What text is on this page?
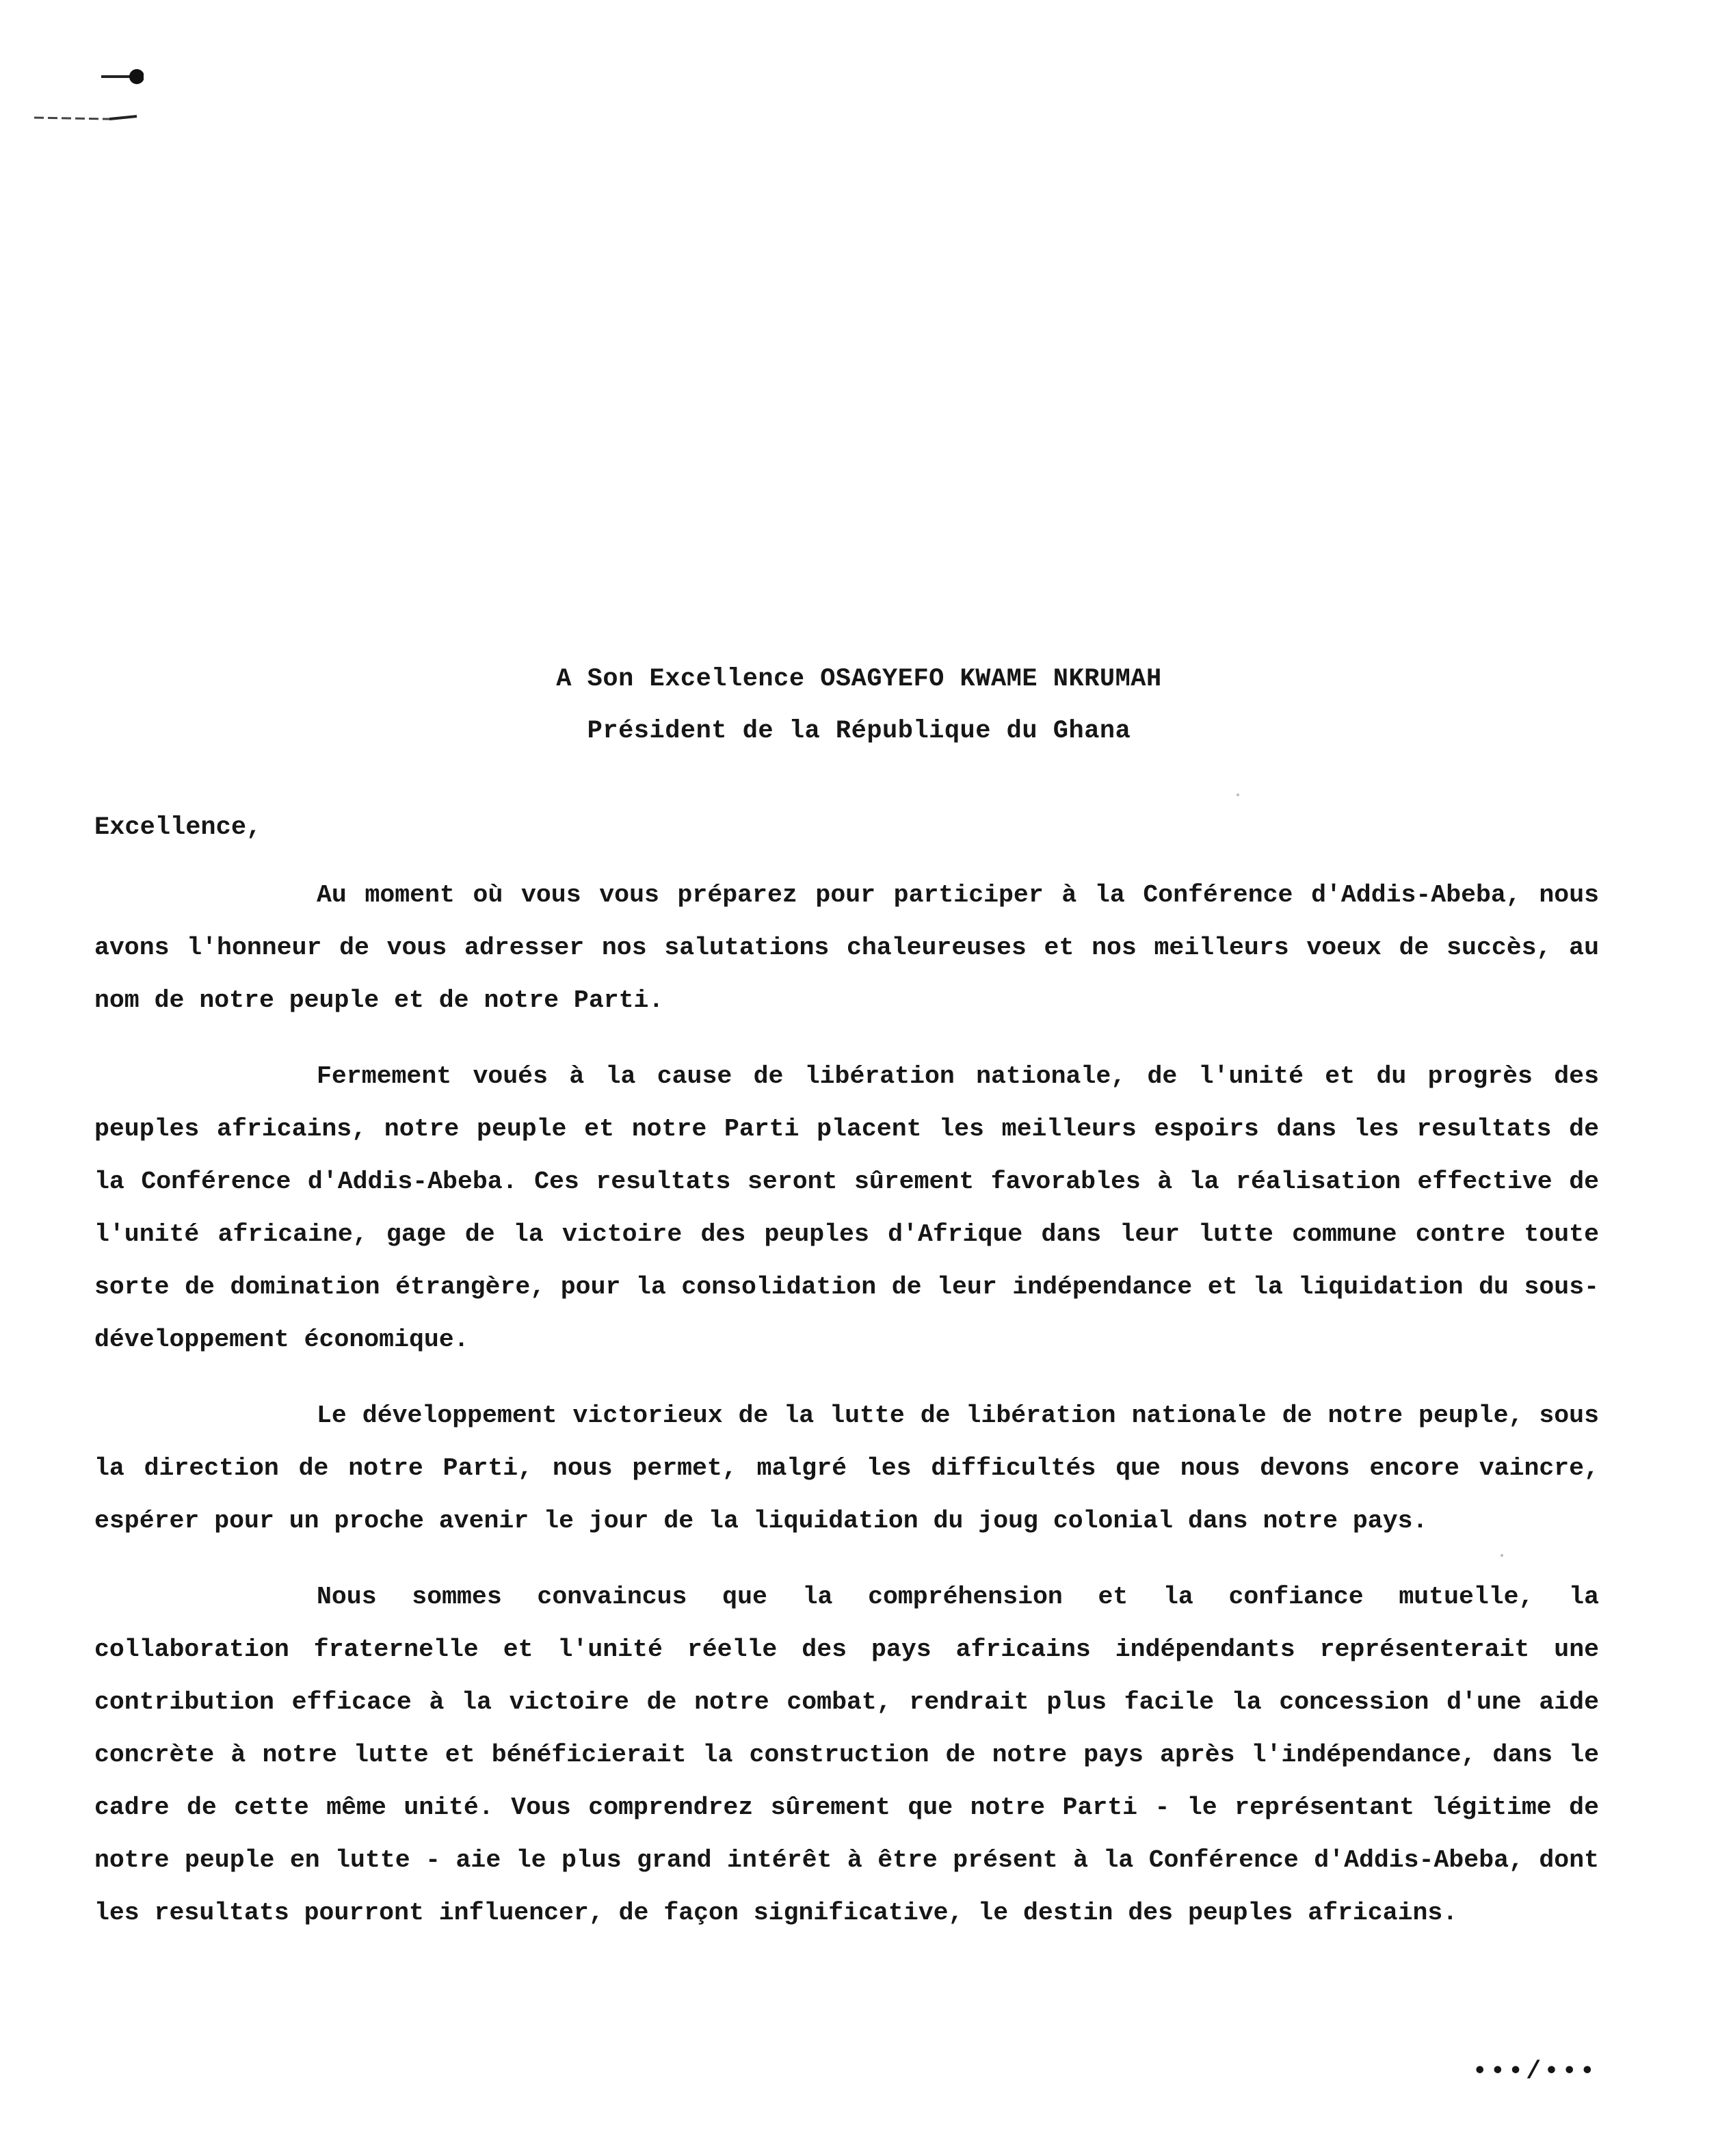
A Son Excellence OSAGYEFO KWAME NKRUMAH
Président de la République du Ghana
Excellence,

Au moment où vous vous préparez pour participer à la Conférence d'Addis-Abeba, nous avons l'honneur de vous adresser nos salutations chaleureuses et nos meilleurs voeux de succès, au nom de notre peuple et de notre Parti.

Fermement voués à la cause de libération nationale, de l'unité et du progrès des peuples africains, notre peuple et notre Parti placent les meilleurs espoirs dans les resultats de la Conférence d'Addis-Abeba. Ces resultats seront sûrement favorables à la réalisation effective de l'unité africaine, gage de la victoire des peuples d'Afrique dans leur lutte commune contre toute sorte de domination étrangère, pour la consolidation de leur indépendance et la liquidation du sous-développement économique.

Le développement victorieux de la lutte de libération nationale de notre peuple, sous la direction de notre Parti, nous permet, malgré les difficultés que nous devons encore vaincre, espérer pour un proche avenir le jour de la liquidation du joug colonial dans notre pays.

Nous sommes convaincus que la compréhension et la confiance mutuelle, la collaboration fraternelle et l'unité réelle des pays africains indépendants représenterait une contribution efficace à la victoire de notre combat, rendrait plus facile la concession d'une aide concrète à notre lutte et bénéficierait la construction de notre pays après l'indépendance, dans le cadre de cette même unité. Vous comprendrez sûrement que notre Parti - le représentant légitime de notre peuple en lutte - aie le plus grand intérêt à être présent à la Conférence d'Addis-Abeba, dont les resultats pourront influencer, de façon significative, le destin des peuples africains.

•••/•••
